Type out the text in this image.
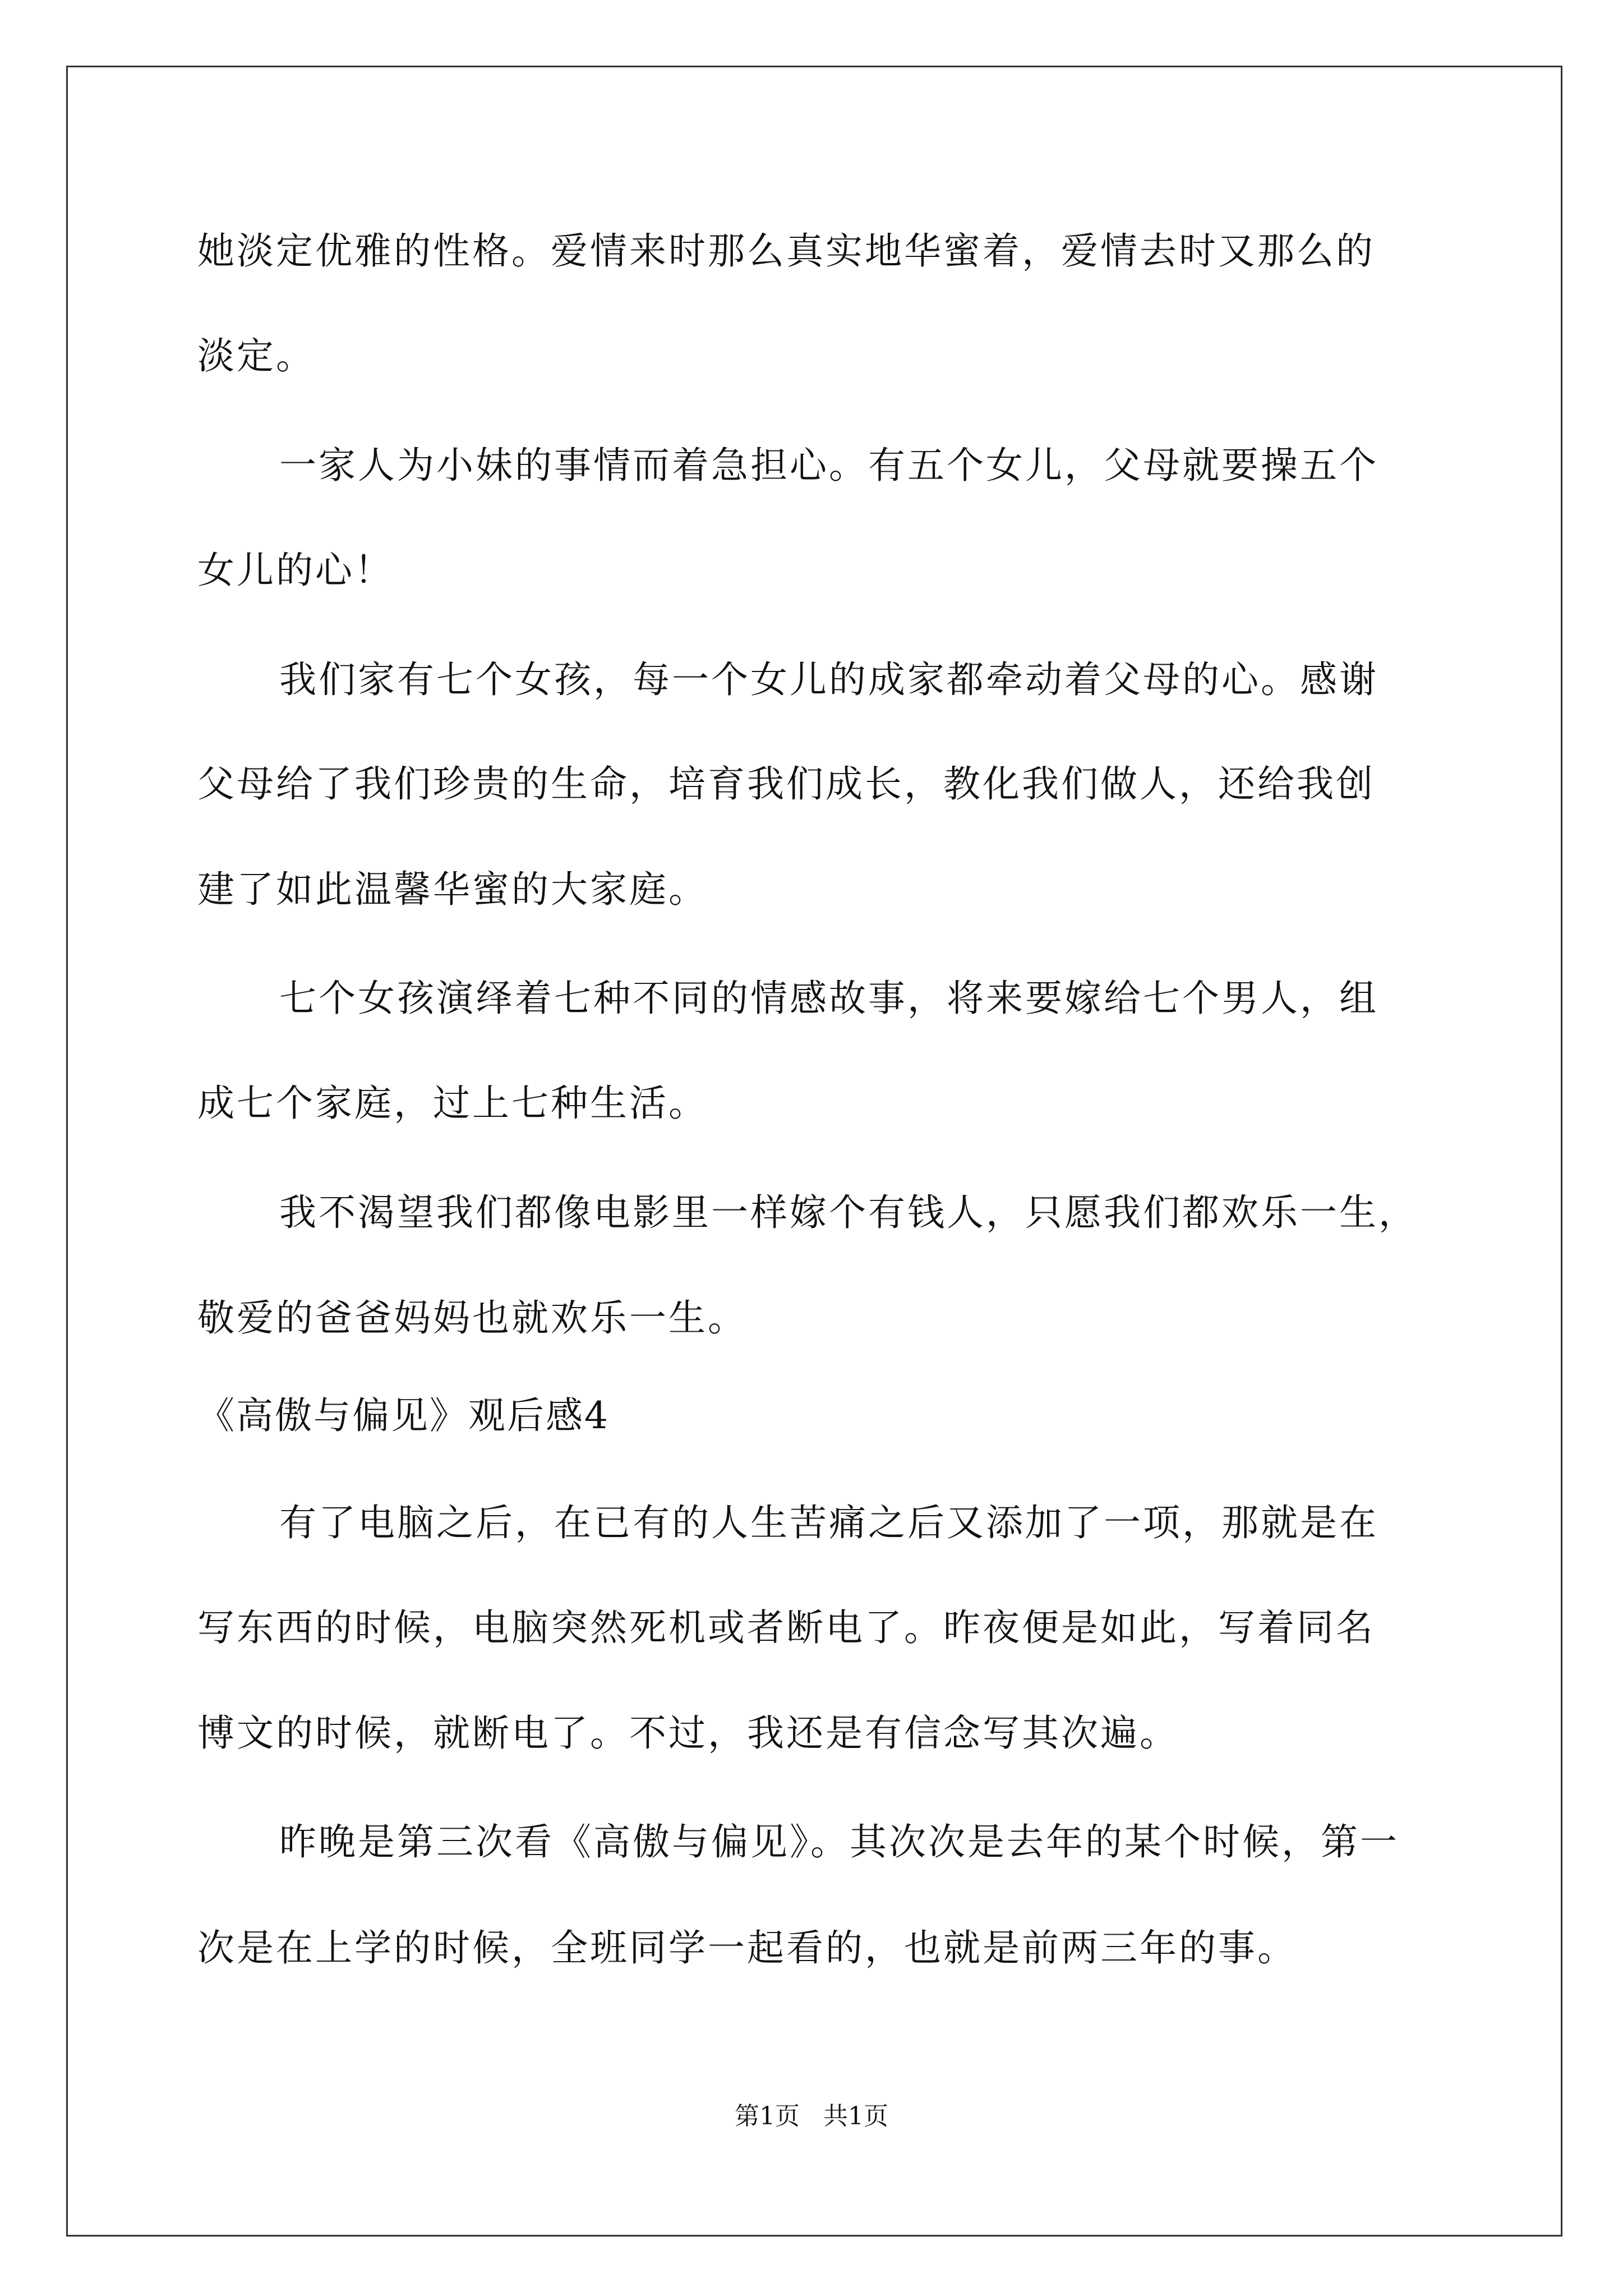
她淡定优雅的性格。爱情来时那么真实地华蜜着，爱情去时又那么的
淡定。
一家人为小妹的事情而着急担心。有五个女儿，父母就要操五个
女儿的心！
我们家有七个女孩，每一个女儿的成家都牵动着父母的心。感谢
父母给了我们珍贵的生命，培育我们成长，教化我们做人，还给我创
建了如此温馨华蜜的大家庭。
七个女孩演绎着七种不同的情感故事，将来要嫁给七个男人，组
成七个家庭，过上七种生活。
我不渴望我们都像电影里一样嫁个有钱人，只愿我们都欢乐一生，
敬爱的爸爸妈妈也就欢乐一生。
《高傲与偏见》观后感4
有了电脑之后，在已有的人生苦痛之后又添加了一项，那就是在
写东西的时候，电脑突然死机或者断电了。昨夜便是如此，写着同名
博文的时候，就断电了。不过，我还是有信念写其次遍。
昨晚是第三次看《高傲与偏见》。其次次是去年的某个时候，第一
次是在上学的时候，全班同学一起看的，也就是前两三年的事。
第1页   共1页
